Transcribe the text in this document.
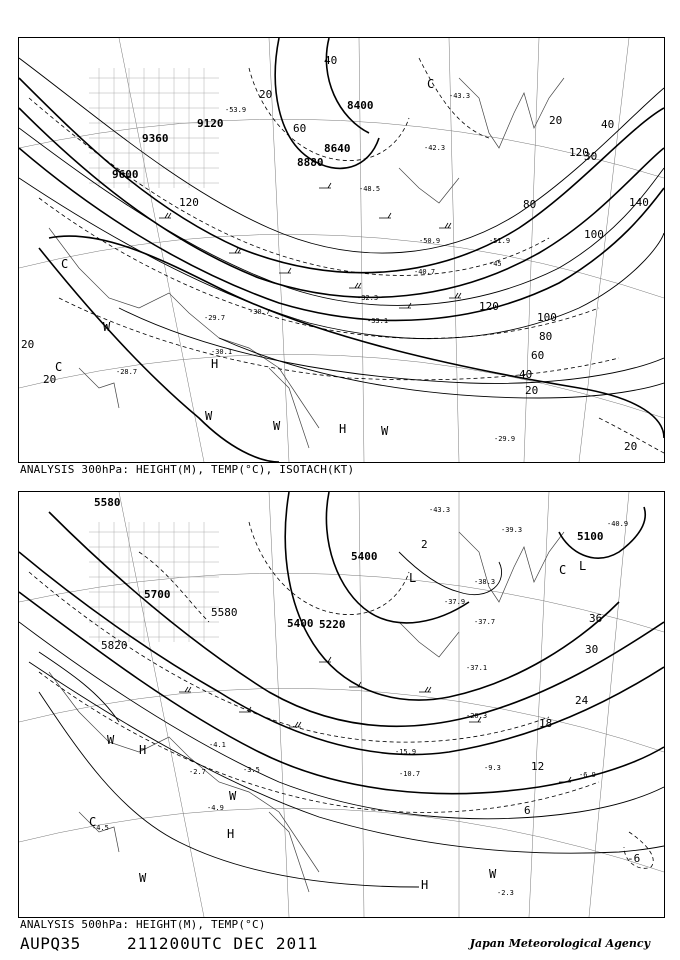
9120
9360
9600
8640
8880
8400
40
60
80
100
120	140
120
20
40
60
80
100
120
20
20
40
30
20
20
20
C
W
H
H
W	W
C
W
C
-30.1
-28.7
-29.7
-30.7
-32.3
-33.1
-29.9
-45
-40.7
-50.9
-53.9
-51.9
-48.5
-43.3
-42.3
ANALYSIS 300hPa: HEIGHT(M), TEMP(°C), ISOTACH(KT)
5580
5700
5580
5820
5400 5220
5100
5400
36
30
24
18
12
6
-6
2
L
L
C
W
H
H
W	W
H
W
C
-38.3
-37.9
-37.7
-37.1
-20.3
-15.9
-10.7
-9.3
-6.9
-4.9
-4.5
-2.3
-2.7	-3.5
-4.1
-43.3
-39.3
-40.9
ANALYSIS 500hPa: HEIGHT(M), TEMP(°C)
AUPQ35	211200UTC DEC 2011	Japan Meteorological Agency
